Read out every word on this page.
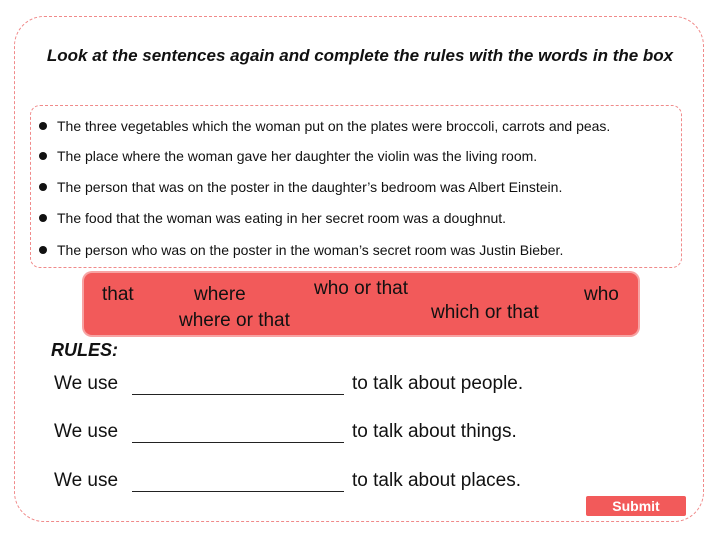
Look at the sentences again and complete the rules with the words in the box
The three vegetables which the woman put on the plates were broccoli, carrots and peas.
The place where the woman gave her daughter the violin was the living room.
The person that was on the poster in the daughter’s bedroom was Albert Einstein.
The food that the woman was eating in her secret room was a doughnut.
The person who was on the poster in the woman’s secret room was Justin Bieber.
that	where	who or that	who
where or that	which or that
RULES:
We use	to talk about people.
We use	to talk about things.
We use	to talk about places.
Submit
